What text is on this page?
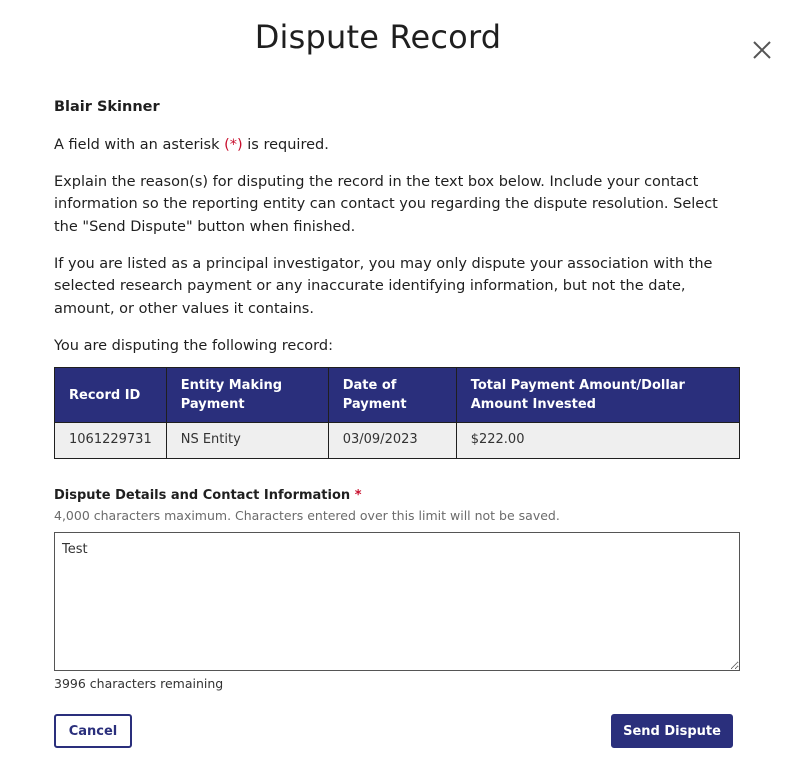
Dispute Record
Blair Skinner

A field with an asterisk (*) is required.

Explain the reason(s) for disputing the record in the text box below. Include your contact information so the reporting entity can contact you regarding the dispute resolution. Select the "Send Dispute" button when finished.

If you are listed as a principal investigator, you may only dispute your association with the selected research payment or any inaccurate identifying information, but not the date, amount, or other values it contains.

You are disputing the following record:

Record ID	Entity Making Payment	Date of Payment	Total Payment Amount/Dollar Amount Invested
1061229731	NS Entity	03/09/2023	$222.00
Dispute Details and Contact Information *
4,000 characters maximum. Characters entered over this limit will not be saved.
Test
3996 characters remaining
Cancel	Send Dispute
